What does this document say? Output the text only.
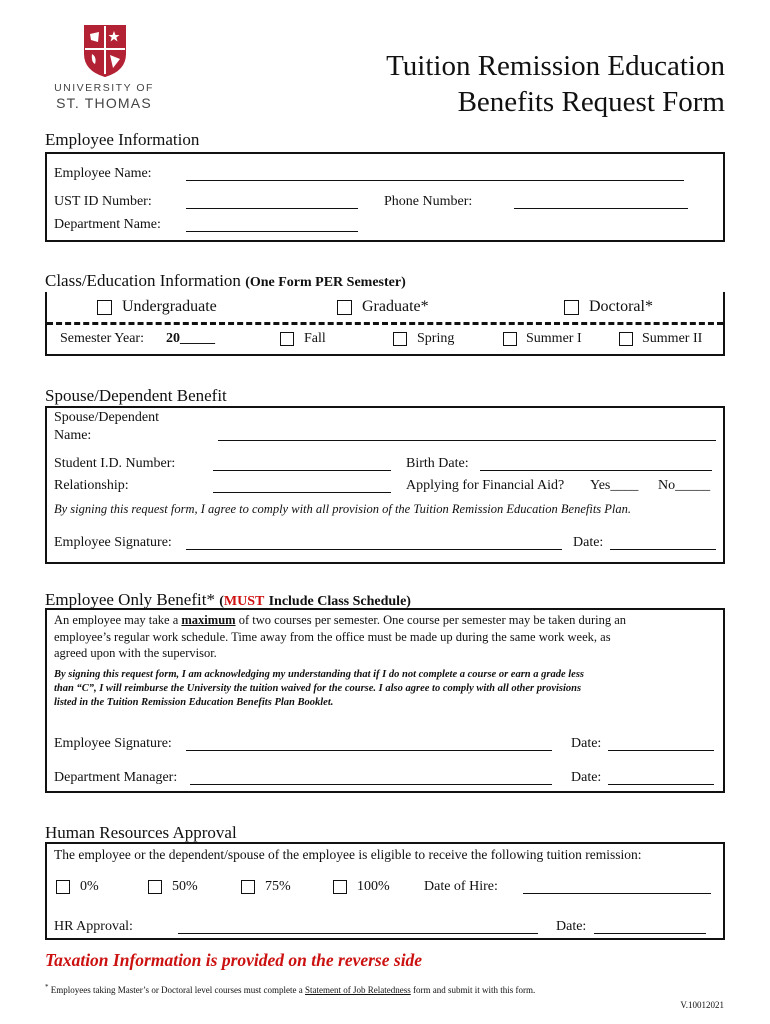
UNIVERSITY OF
ST. THOMAS
Tuition Remission Education
Benefits Request Form
Employee Information
Employee Name:
UST ID Number:	Phone Number:
Department Name:
Class/Education Information (One Form PER Semester)
Undergraduate	Graduate*	Doctoral*
Semester Year: 20_____	Fall	Spring	Summer I	Summer II
Spouse/Dependent Benefit
Spouse/Dependent
Name:
Student I.D. Number:	Birth Date:
Relationship:	Applying for Financial Aid? Yes____ No_____
By signing this request form, I agree to comply with all provision of the Tuition Remission Education Benefits Plan.
Employee Signature:	Date:
Employee Only Benefit* (MUST Include Class Schedule)
An employee may take a maximum of two courses per semester. One course per semester may be taken during an
employee’s regular work schedule. Time away from the office must be made up during the same work week, as
agreed upon with the supervisor.
By signing this request form, I am acknowledging my understanding that if I do not complete a course or earn a grade less
than “C”, I will reimburse the University the tuition waived for the course. I also agree to comply with all other provisions
listed in the Tuition Remission Education Benefits Plan Booklet.
Employee Signature:	Date:
Department Manager:	Date:
Human Resources Approval
The employee or the dependent/spouse of the employee is eligible to receive the following tuition remission:
0%	50%	75%	100% Date of Hire:
HR Approval:	Date:
Taxation Information is provided on the reverse side
* Employees taking Master’s or Doctoral level courses must complete a Statement of Job Relatedness form and submit it with this form.
V.10012021
